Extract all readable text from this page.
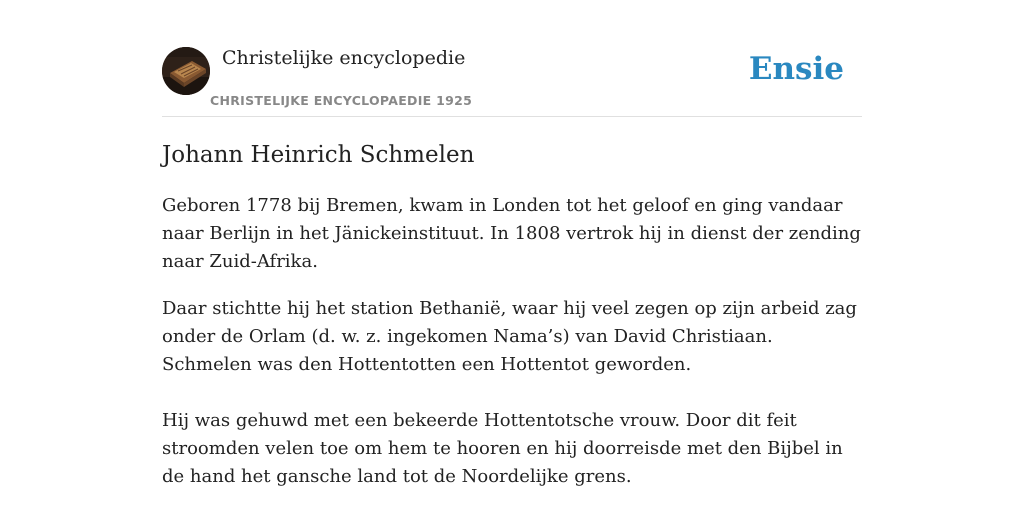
Christelijke encyclopedie
CHRISTELIJKE ENCYCLOPAEDIE 1925
Ensie
Johann Heinrich Schmelen

Geboren 1778 bij Bremen, kwam in Londen tot het geloof en ging vandaar naar Berlijn in het Jänickeinstituut. In 1808 vertrok hij in dienst der zending naar Zuid-Afrika.

Daar stichtte hij het station Bethanië, waar hij veel zegen op zijn arbeid zag onder de Orlam (d. w. z. ingekomen Nama’s) van David Christiaan. Schmelen was den Hottentotten een Hottentot geworden.

Hij was gehuwd met een bekeerde Hottentotsche vrouw. Door dit feit stroomden velen toe om hem te hooren en hij doorreisde met den Bijbel in de hand het gansche land tot de Noordelijke grens.
